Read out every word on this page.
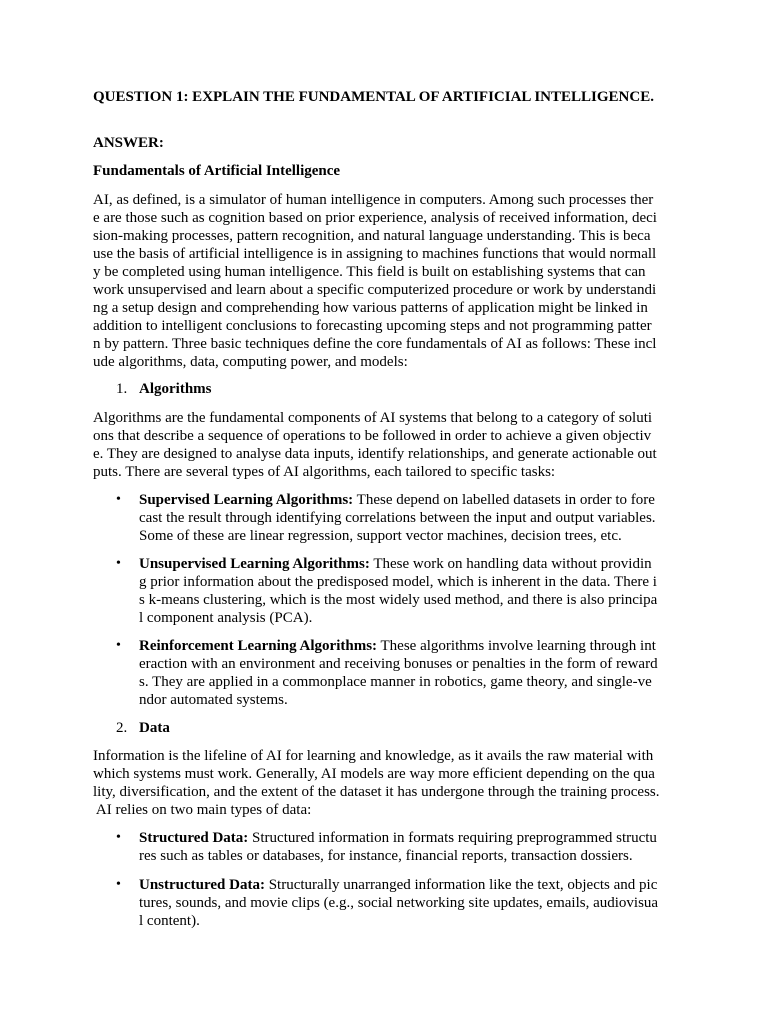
QUESTION 1: EXPLAIN THE FUNDAMENTAL OF ARTIFICIAL INTELLIGENCE.
ANSWER:
Fundamentals of Artificial Intelligence
AI, as defined, is a simulator of human intelligence in computers. Among such processes ther
e are those such as cognition based on prior experience, analysis of received information, deci
sion-making processes, pattern recognition, and natural language understanding. This is beca
use the basis of artificial intelligence is in assigning to machines functions that would normall
y be completed using human intelligence. This field is built on establishing systems that can
work unsupervised and learn about a specific computerized procedure or work by understandi
ng a setup design and comprehending how various patterns of application might be linked in
addition to intelligent conclusions to forecasting upcoming steps and not programming patter
n by pattern. Three basic techniques define the core fundamentals of AI as follows: These incl
ude algorithms, data, computing power, and models:
1. Algorithms
Algorithms are the fundamental components of AI systems that belong to a category of soluti
ons that describe a sequence of operations to be followed in order to achieve a given objectiv
e. They are designed to analyse data inputs, identify relationships, and generate actionable out
puts. There are several types of AI algorithms, each tailored to specific tasks:
• Supervised Learning Algorithms: These depend on labelled datasets in order to fore
cast the result through identifying correlations between the input and output variables.
Some of these are linear regression, support vector machines, decision trees, etc.
• Unsupervised Learning Algorithms: These work on handling data without providin
g prior information about the predisposed model, which is inherent in the data. There i
s k-means clustering, which is the most widely used method, and there is also principa
l component analysis (PCA).
• Reinforcement Learning Algorithms: These algorithms involve learning through int
eraction with an environment and receiving bonuses or penalties in the form of reward
s. They are applied in a commonplace manner in robotics, game theory, and single-ve
ndor automated systems.
2. Data
Information is the lifeline of AI for learning and knowledge, as it avails the raw material with
which systems must work. Generally, AI models are way more efficient depending on the qua
lity, diversification, and the extent of the dataset it has undergone through the training process.
AI relies on two main types of data:
• Structured Data: Structured information in formats requiring preprogrammed structu
res such as tables or databases, for instance, financial reports, transaction dossiers.
• Unstructured Data: Structurally unarranged information like the text, objects and pic
tures, sounds, and movie clips (e.g., social networking site updates, emails, audiovisua
l content).
